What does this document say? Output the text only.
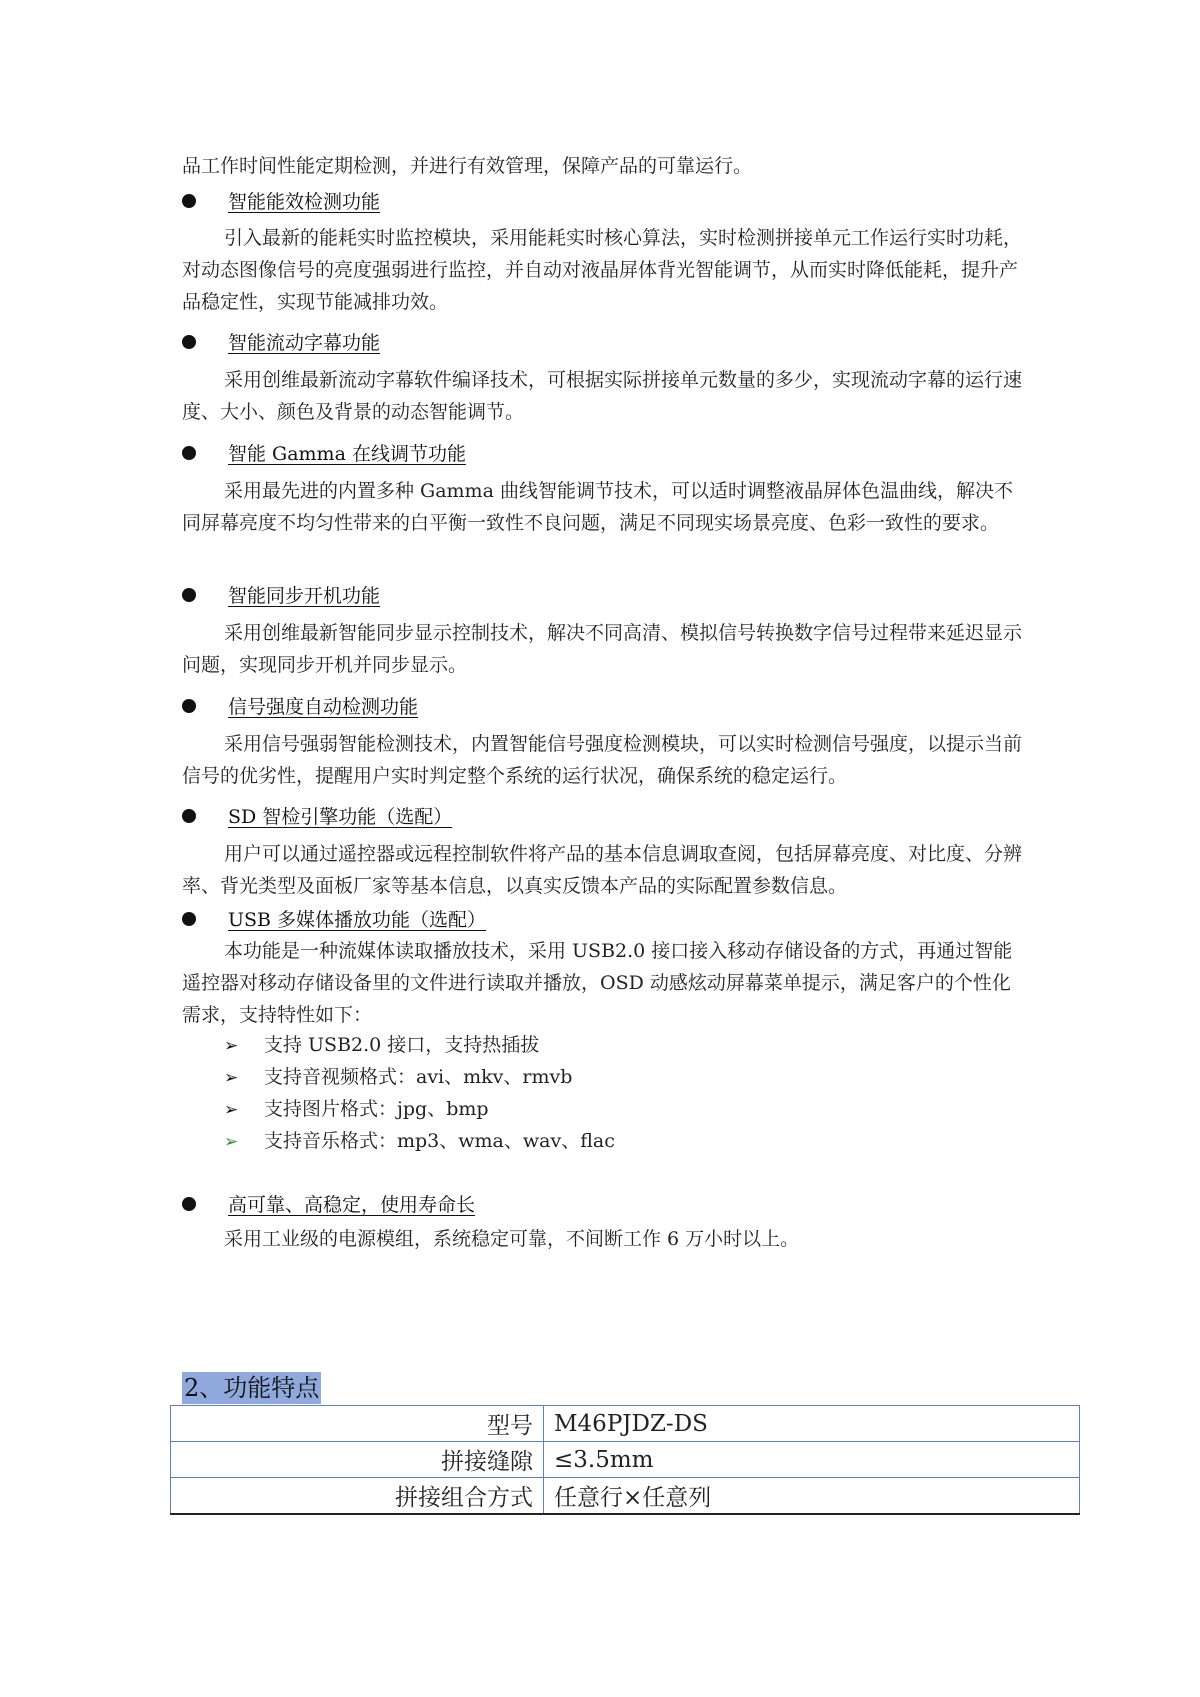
品工作时间性能定期检测，并进行有效管理，保障产品的可靠运行。

智能能效检测功能

引入最新的能耗实时监控模块，采用能耗实时核心算法，实时检测拼接单元工作运行实时功耗，对动态图像信号的亮度强弱进行监控，并自动对液晶屏体背光智能调节，从而实时降低能耗，提升产品稳定性，实现节能减排功效。

智能流动字幕功能

采用创维最新流动字幕软件编译技术，可根据实际拼接单元数量的多少，实现流动字幕的运行速度、大小、颜色及背景的动态智能调节。

智能 Gamma 在线调节功能

采用最先进的内置多种 Gamma 曲线智能调节技术，可以适时调整液晶屏体色温曲线，解决不同屏幕亮度不均匀性带来的白平衡一致性不良问题，满足不同现实场景亮度、色彩一致性的要求。

智能同步开机功能

采用创维最新智能同步显示控制技术，解决不同高清、模拟信号转换数字信号过程带来延迟显示问题，实现同步开机并同步显示。

信号强度自动检测功能

采用信号强弱智能检测技术，内置智能信号强度检测模块，可以实时检测信号强度，以提示当前信号的优劣性，提醒用户实时判定整个系统的运行状况，确保系统的稳定运行。

SD 智检引擎功能（选配）

用户可以通过遥控器或远程控制软件将产品的基本信息调取查阅，包括屏幕亮度、对比度、分辨率、背光类型及面板厂家等基本信息，以真实反馈本产品的实际配置参数信息。

USB 多媒体播放功能（选配）

本功能是一种流媒体读取播放技术，采用 USB2.0 接口接入移动存储设备的方式，再通过智能遥控器对移动存储设备里的文件进行读取并播放，OSD 动感炫动屏幕菜单提示，满足客户的个性化需求，支持特性如下：

➢ 支持 USB2.0 接口，支持热插拔
➢ 支持音视频格式：avi、mkv、rmvb
➢ 支持图片格式：jpg、bmp
➢ 支持音乐格式：mp3、wma、wav、flac
高可靠、高稳定，使用寿命长

采用工业级的电源模组，系统稳定可靠，不间断工作 6 万小时以上。

2、功能特点
型号	M46PJDZ-DS
拼接缝隙	≤3.5mm
拼接组合方式	任意行×任意列
